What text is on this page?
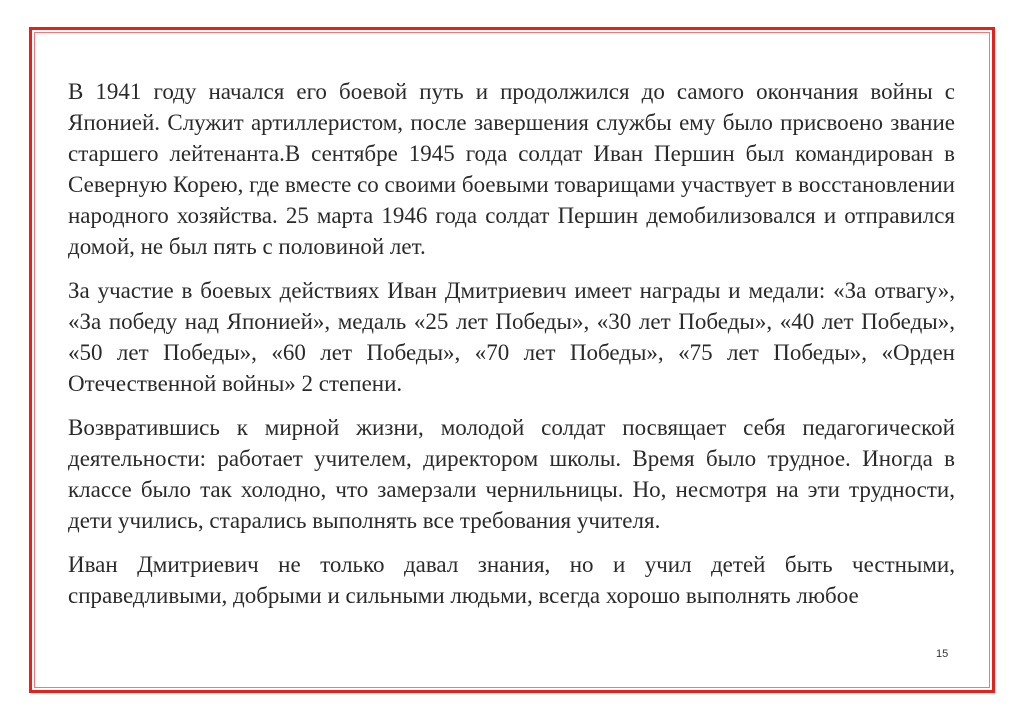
В 1941 году начался его боевой путь и продолжился до самого окончания войны с Японией. Служит артиллеристом, после завершения службы ему было присвоено звание старшего лейтенанта.В сентябре 1945 года солдат Иван Першин был командирован в Северную Корею, где вместе со своими боевыми товарищами участвует в восстановлении народного хозяйства. 25 марта 1946 года солдат Першин демобилизовался и отправился домой, не был пять с половиной лет.

За участие в боевых действиях Иван Дмитриевич имеет награды и медали: «За отвагу», «За победу над Японией», медаль «25 лет Победы», «30 лет Победы», «40 лет Победы», «50 лет Победы», «60 лет Победы», «70 лет Победы», «75 лет Победы», «Орден Отечественной войны» 2 степени.

Возвратившись к мирной жизни, молодой солдат посвящает себя педагогической деятельности: работает учителем, директором школы. Время было трудное. Иногда в классе было так холодно, что замерзали чернильницы. Но, несмотря на эти трудности, дети учились, старались выполнять все требования учителя.

Иван Дмитриевич не только давал знания, но и учил детей быть честными, справедливыми, добрыми и сильными людьми, всегда хорошо выполнять любое

15
